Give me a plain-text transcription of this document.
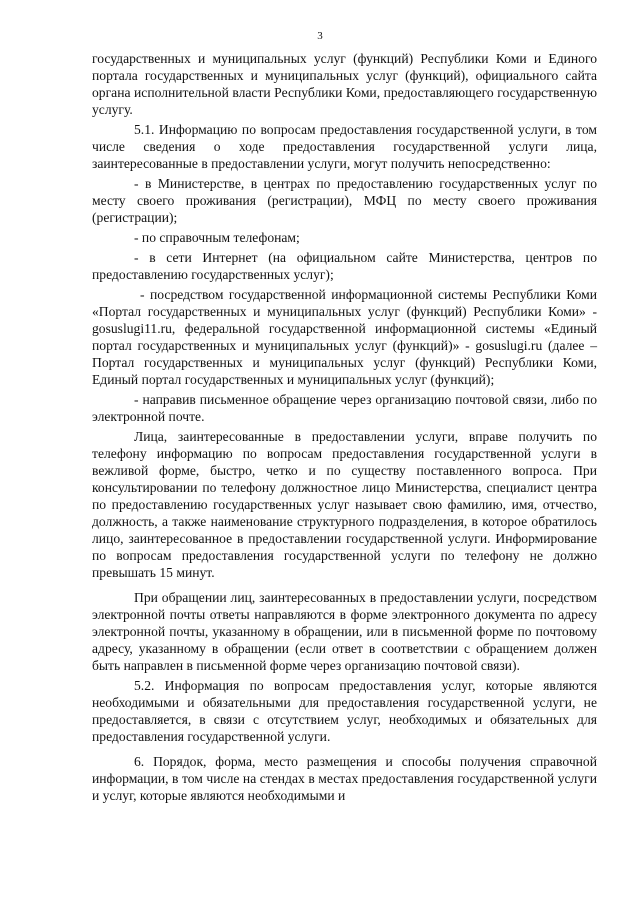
3

государственных и муниципальных услуг (функций) Республики Коми и Единого портала государственных и муниципальных услуг (функций), официального сайта органа исполнительной власти Республики Коми, предоставляющего государственную услугу.

5.1. Информацию по вопросам предоставления государственной услуги, в том числе сведения о ходе предоставления государственной услуги лица, заинтересованные в предоставлении услуги, могут получить непосредственно:

- в Министерстве, в центрах по предоставлению государственных услуг по месту своего проживания (регистрации), МФЦ по месту своего проживания (регистрации);

- по справочным телефонам;

- в сети Интернет (на официальном сайте Министерства, центров по предоставлению государственных услуг);

- посредством государственной информационной системы Республики Коми «Портал государственных и муниципальных услуг (функций) Республики Коми» - gosuslugi11.ru, федеральной государственной информационной системы «Единый портал государственных и муниципальных услуг (функций)» - gosuslugi.ru (далее – Портал государственных и муниципальных услуг (функций) Республики Коми, Единый портал государственных и муниципальных услуг (функций);

- направив письменное обращение через организацию почтовой связи, либо по электронной почте.

Лица, заинтересованные в предоставлении услуги, вправе получить по телефону информацию по вопросам предоставления государственной услуги в вежливой форме, быстро, четко и по существу поставленного вопроса. При консультировании по телефону должностное лицо Министерства, специалист центра по предоставлению государственных услуг называет свою фамилию, имя, отчество, должность, а также наименование структурного подразделения, в которое обратилось лицо, заинтересованное в предоставлении государственной услуги. Информирование по вопросам предоставления государственной услуги по телефону не должно превышать 15 минут.

При обращении лиц, заинтересованных в предоставлении услуги, посредством электронной почты ответы направляются в форме электронного документа по адресу электронной почты, указанному в обращении, или в письменной форме по почтовому адресу, указанному в обращении (если ответ в соответствии с обращением должен быть направлен в письменной форме через организацию почтовой связи).

5.2. Информация по вопросам предоставления услуг, которые являются необходимыми и обязательными для предоставления государственной услуги, не предоставляется, в связи с отсутствием услуг, необходимых и обязательных для предоставления государственной услуги.

6. Порядок, форма, место размещения и способы получения справочной информации, в том числе на стендах в местах предоставления государственной услуги и услуг, которые являются необходимыми и
